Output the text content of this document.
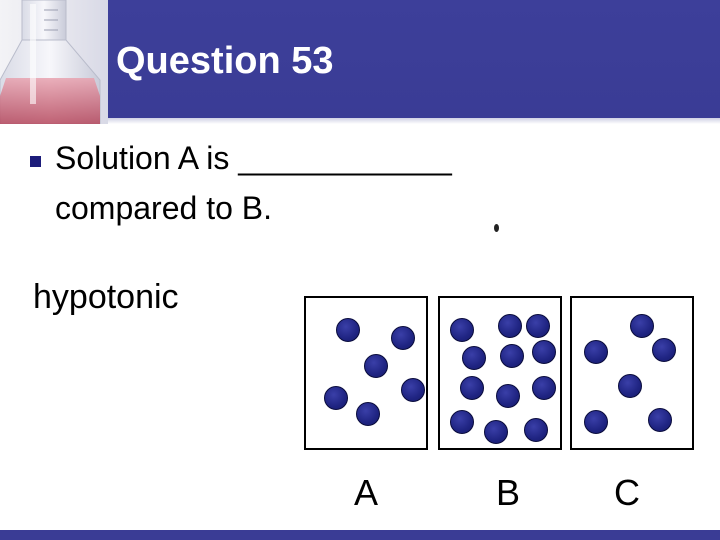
Question 53
Solution A is ____________
compared to B.
hypotonic
A	B	C
